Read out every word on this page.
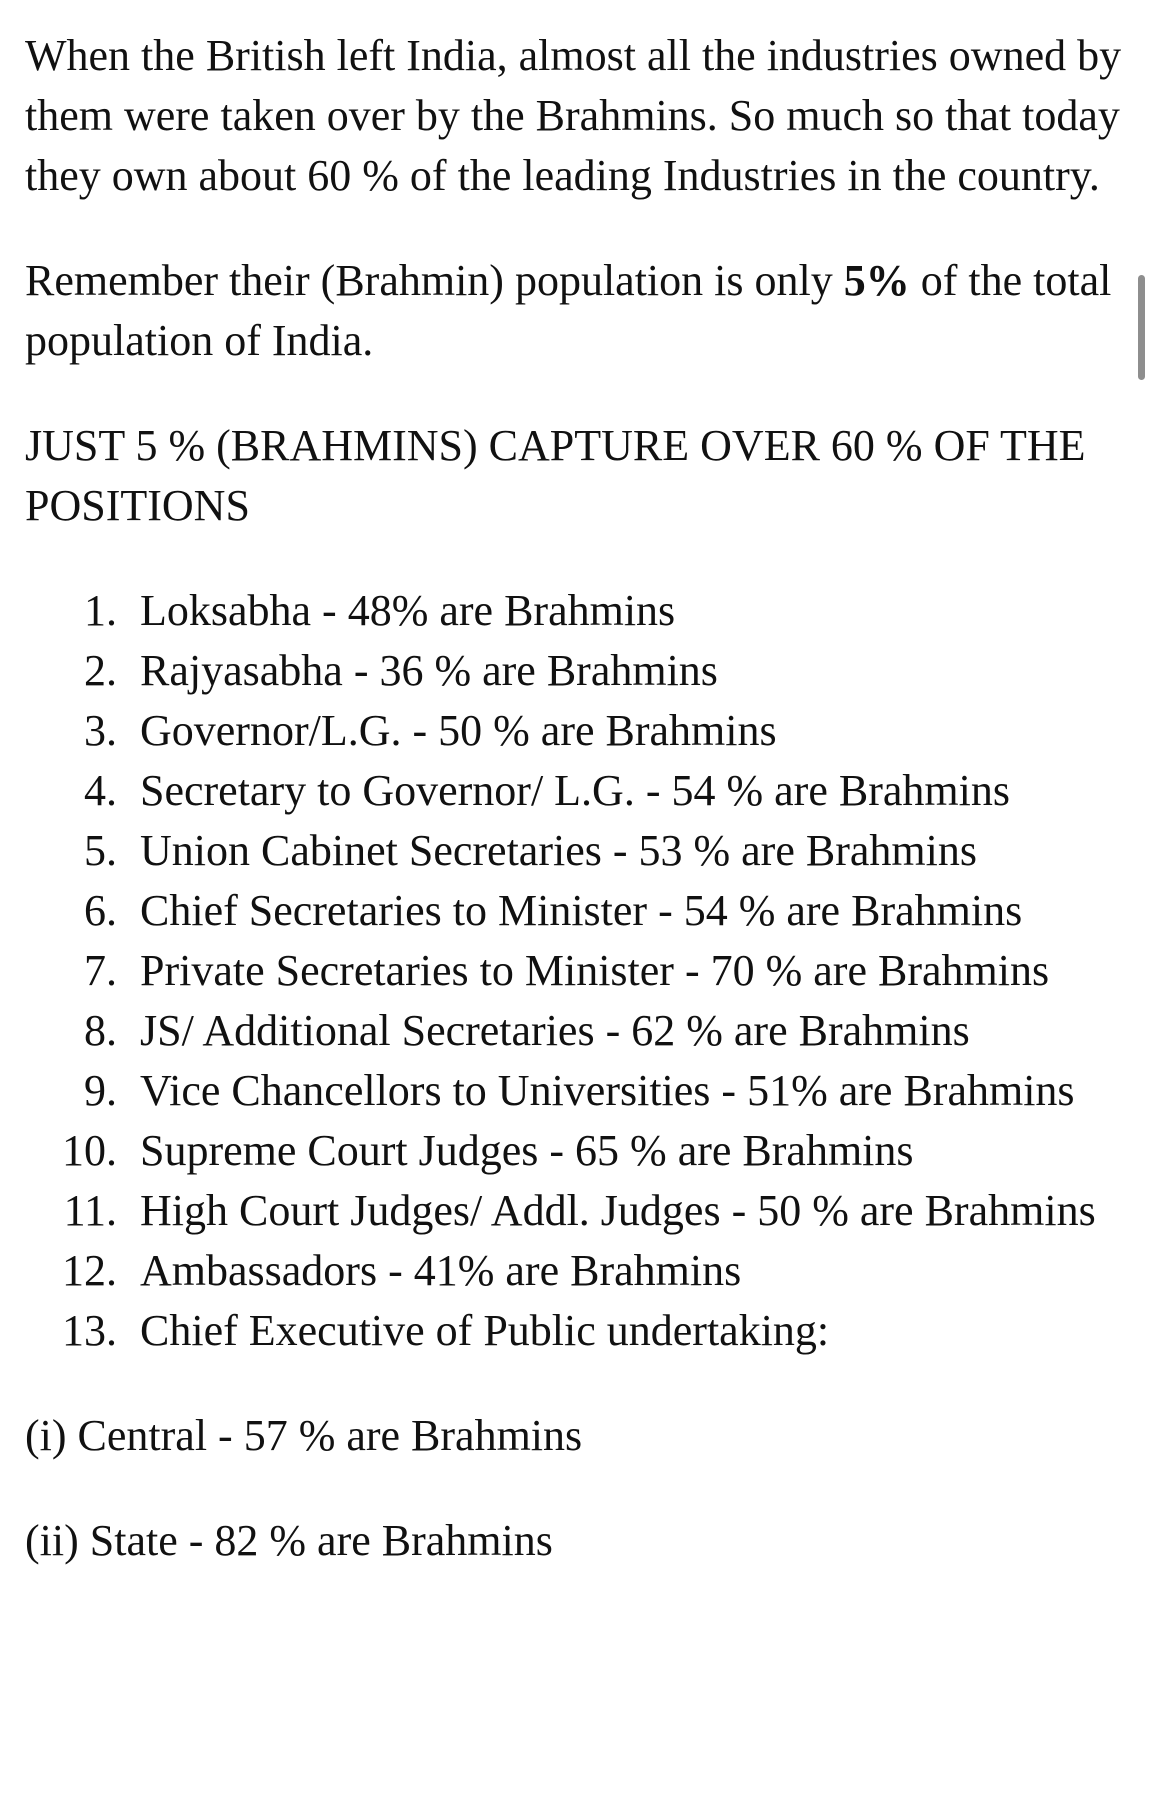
When the British left India, almost all the industries owned by them were taken over by the Brahmins. So much so that today they own about 60 % of the leading Industries in the country.

Remember their (Brahmin) population is only 5% of the total population of India.

JUST 5 % (BRAHMINS) CAPTURE OVER 60 % OF THE POSITIONS

1. Loksabha - 48% are Brahmins
2. Rajyasabha - 36 % are Brahmins
3. Governor/L.G. - 50 % are Brahmins
4. Secretary to Governor/ L.G. - 54 % are Brahmins
5. Union Cabinet Secretaries - 53 % are Brahmins
6. Chief Secretaries to Minister - 54 % are Brahmins
7. Private Secretaries to Minister - 70 % are Brahmins
8. JS/ Additional Secretaries - 62 % are Brahmins
9. Vice Chancellors to Universities - 51% are Brahmins
10. Supreme Court Judges - 65 % are Brahmins
11. High Court Judges/ Addl. Judges - 50 % are Brahmins
12. Ambassadors - 41% are Brahmins
13. Chief Executive of Public undertaking:

(i) Central - 57 % are Brahmins

(ii) State - 82 % are Brahmins
